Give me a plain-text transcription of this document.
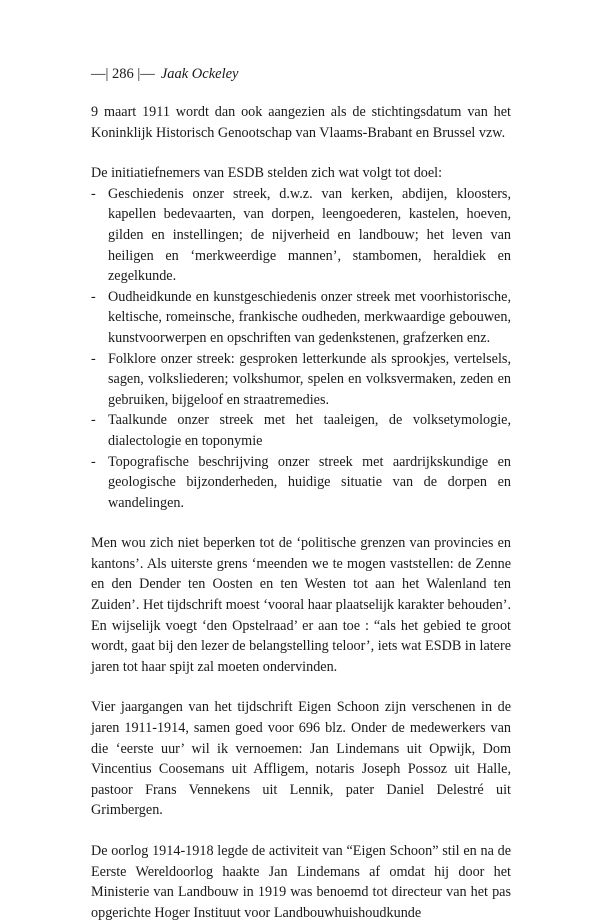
—| 286 |— Jaak Ockeley

9 maart 1911 wordt dan ook aangezien als de stichtingsdatum van het Koninklijk Historisch Genootschap van Vlaams-Brabant en Brussel vzw.

De initiatiefnemers van ESDB stelden zich wat volgt tot doel:

- Geschiedenis onzer streek, d.w.z. van kerken, abdijen, kloosters, kapellen bedevaarten, van dorpen, leengoederen, kastelen, hoeven, gilden en instellingen; de nijverheid en landbouw; het leven van heiligen en ‘merkweerdige mannen’, stambomen, heraldiek en zegelkunde.
- Oudheidkunde en kunstgeschiedenis onzer streek met voorhistorische, keltische, romeinsche, frankische oudheden, merkwaardige gebouwen, kunstvoorwerpen en opschriften van gedenkstenen, grafzerken enz.
- Folklore onzer streek: gesproken letterkunde als sprookjes, vertelsels, sagen, volksliederen; volkshumor, spelen en volksvermaken, zeden en gebruiken, bijgeloof en straatremedies.
- Taalkunde onzer streek met het taaleigen, de volksetymologie, dialectologie en toponymie
- Topografische beschrijving onzer streek met aardrijkskundige en geologische bijzonderheden, huidige situatie van de dorpen en wandelingen.

Men wou zich niet beperken tot de ‘politische grenzen van provincies en kantons’. Als uiterste grens ‘meenden we te mogen vaststellen: de Zenne en den Dender ten Oosten en ten Westen tot aan het Walenland ten Zuiden’. Het tijdschrift moest ‘vooral haar plaatselijk karakter behouden’. En wijselijk voegt ‘den Opstelraad’ er aan toe : “als het gebied te groot wordt, gaat bij den lezer de belangstelling teloor’, iets wat ESDB in latere jaren tot haar spijt zal moeten ondervinden.

Vier jaargangen van het tijdschrift Eigen Schoon zijn verschenen in de jaren 1911-1914, samen goed voor 696 blz. Onder de medewerkers van die ‘eerste uur’ wil ik vernoemen: Jan Lindemans uit Opwijk, Dom Vincentius Coosemans uit Affligem, notaris Joseph Possoz uit Halle, pastoor Frans Vennekens uit Lennik, pater Daniel Delestré uit Grimbergen.

De oorlog 1914-1918 legde de activiteit van “Eigen Schoon” stil en na de Eerste Wereldoorlog haakte Jan Lindemans af omdat hij door het Ministerie van Landbouw in 1919 was benoemd tot directeur van het pas opgerichte Hoger Instituut voor Landbouwhuishoudkunde
